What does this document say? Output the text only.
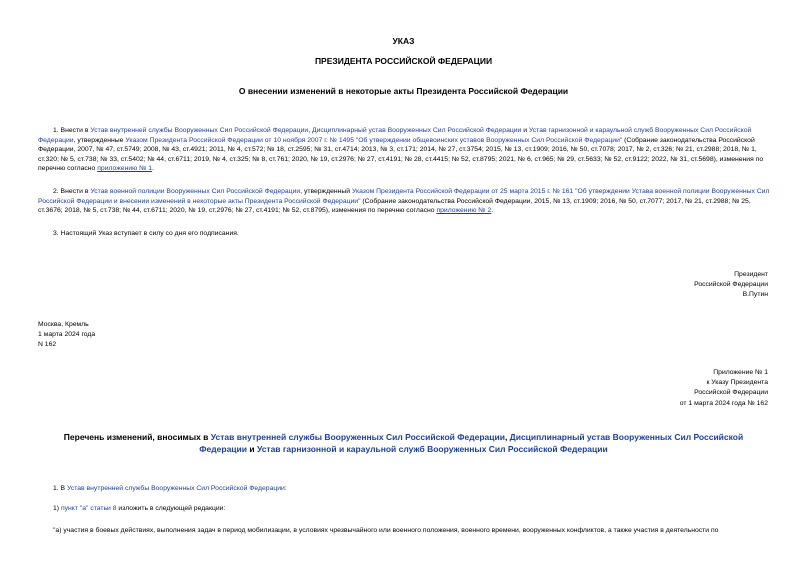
УКАЗ
ПРЕЗИДЕНТА РОССИЙСКОЙ ФЕДЕРАЦИИ
О внесении изменений в некоторые акты Президента Российской Федерации
1. Внести в Устав внутренней службы Вооруженных Сил Российской Федерации, Дисциплинарный устав Вооруженных Сил Российской Федерации и Устав гарнизонной и караульной служб Вооруженных Сил Российской Федерации, утвержденные Указом Президента Российской Федерации от 10 ноября 2007 г. № 1495 "Об утверждении общевоинских уставов Вооруженных Сил Российской Федерации" (Собрание законодательства Российской Федерации, 2007, № 47, ст.5749; 2008, № 43, ст.4921; 2011, № 4, ст.572; № 18, ст.2595; № 31, ст.4714; 2013, № 3, ст.171; 2014, № 27, ст.3754; 2015, № 13, ст.1909; 2016, № 50, ст.7078; 2017, № 2, ст.326; № 21, ст.2988; 2018, № 1, ст.320; № 5, ст.738; № 33, ст.5402; № 44, ст.6711; 2019, № 4, ст.325; № 8, ст.761; 2020, № 19, ст.2976; № 27, ст.4191; № 28, ст.4415; № 52, ст.8795; 2021, № 6, ст.965; № 29, ст.5633; № 52, ст.9122; 2022, № 31, ст.5698), изменения по перечню согласно приложению № 1.
2. Внести в Устав военной полиции Вооруженных Сил Российской Федерации, утвержденный Указом Президента Российской Федерации от 25 марта 2015 г. № 161 "Об утверждении Устава военной полиции Вооруженных Сил Российской Федерации и внесении изменений в некоторые акты Президента Российской Федерации" (Собрание законодательства Российской Федерации, 2015, № 13, ст.1909; 2016, № 50, ст.7077; 2017, № 21, ст.2988; № 25, ст.3676; 2018, № 5, ст.738; № 44, ст.6711; 2020, № 19, ст.2976; № 27, ст.4191; № 52, ст.8795), изменения по перечню согласно приложению № 2.
3. Настоящий Указ вступает в силу со дня его подписания.
Президент
Российской Федерации
В.Путин
Москва, Кремль
1 марта 2024 года
N 162
Приложение № 1
к Указу Президента
Российской Федерации
от 1 марта 2024 года № 162
Перечень изменений, вносимых в Устав внутренней службы Вооруженных Сил Российской Федерации, Дисциплинарный устав Вооруженных Сил Российской Федерации и Устав гарнизонной и караульной служб Вооруженных Сил Российской Федерации
1. В Устав внутренней службы Вооруженных Сил Российской Федерации:
1) пункт "а" статьи 8 изложить в следующей редакции:
"а) участия в боевых действиях, выполнения задач в период мобилизации, в условиях чрезвычайного или военного положения, военного времени, вооруженных конфликтов, а также участия в деятельности по
